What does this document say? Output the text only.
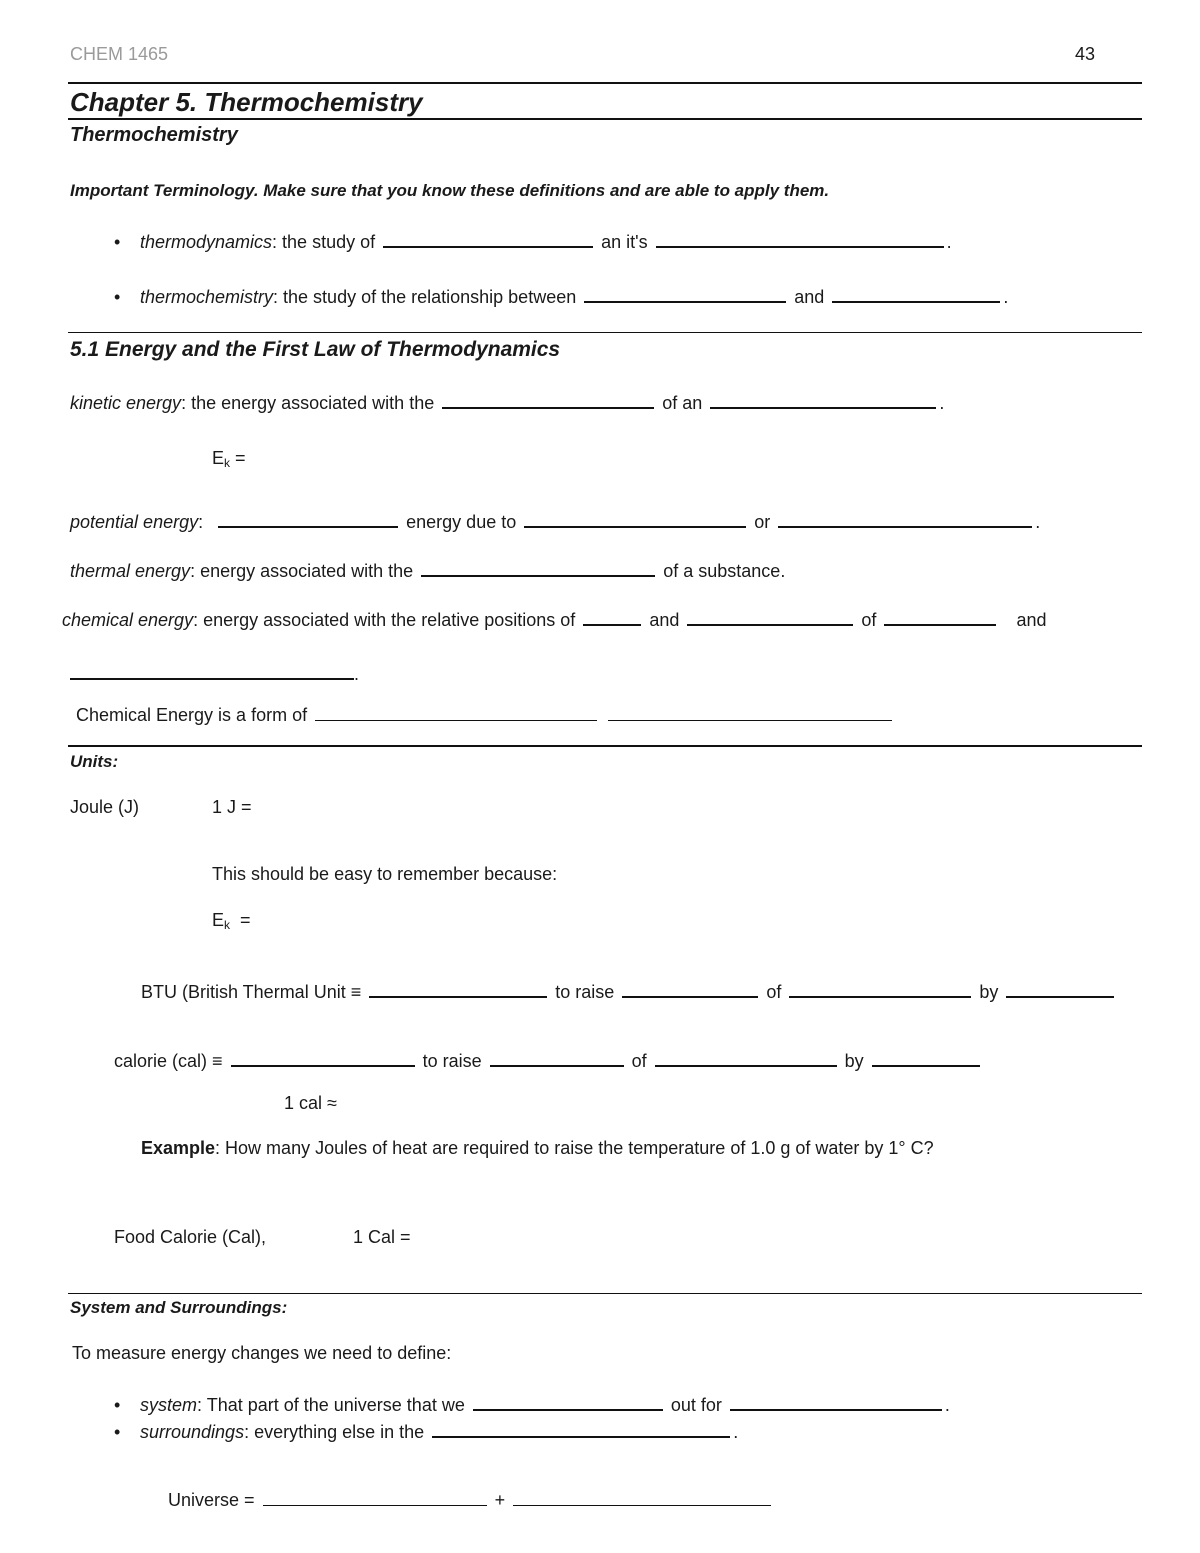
CHEM 1465	43
Chapter 5. Thermochemistry
Thermochemistry
Important Terminology. Make sure that you know these definitions and are able to apply them.
• thermodynamics: the study of	an it's	.
• thermochemistry: the study of the relationship between	and	.
5.1 Energy and the First Law of Thermodynamics
kinetic energy: the energy associated with the	of an	.
$E_k$ =
potential energy:	energy due to	or	.
thermal energy: energy associated with the	of a substance.
chemical energy: energy associated with the relative positions of	and	of	and
.
Chemical Energy is a form of
Units:
Joule (J)	1 J =
This should be easy to remember because:
$E_k$  =
BTU (British Thermal Unit ≡	to raise	of	by
calorie (cal) ≡	to raise	of	by
1 cal ≈
Example: How many Joules of heat are required to raise the temperature of 1.0 g of water by 1° C?
Food Calorie (Cal),	1 Cal =
System and Surroundings:
To measure energy changes we need to define:
• system: That part of the universe that we	out for	.
• surroundings: everything else in the	.
Universe =	+
